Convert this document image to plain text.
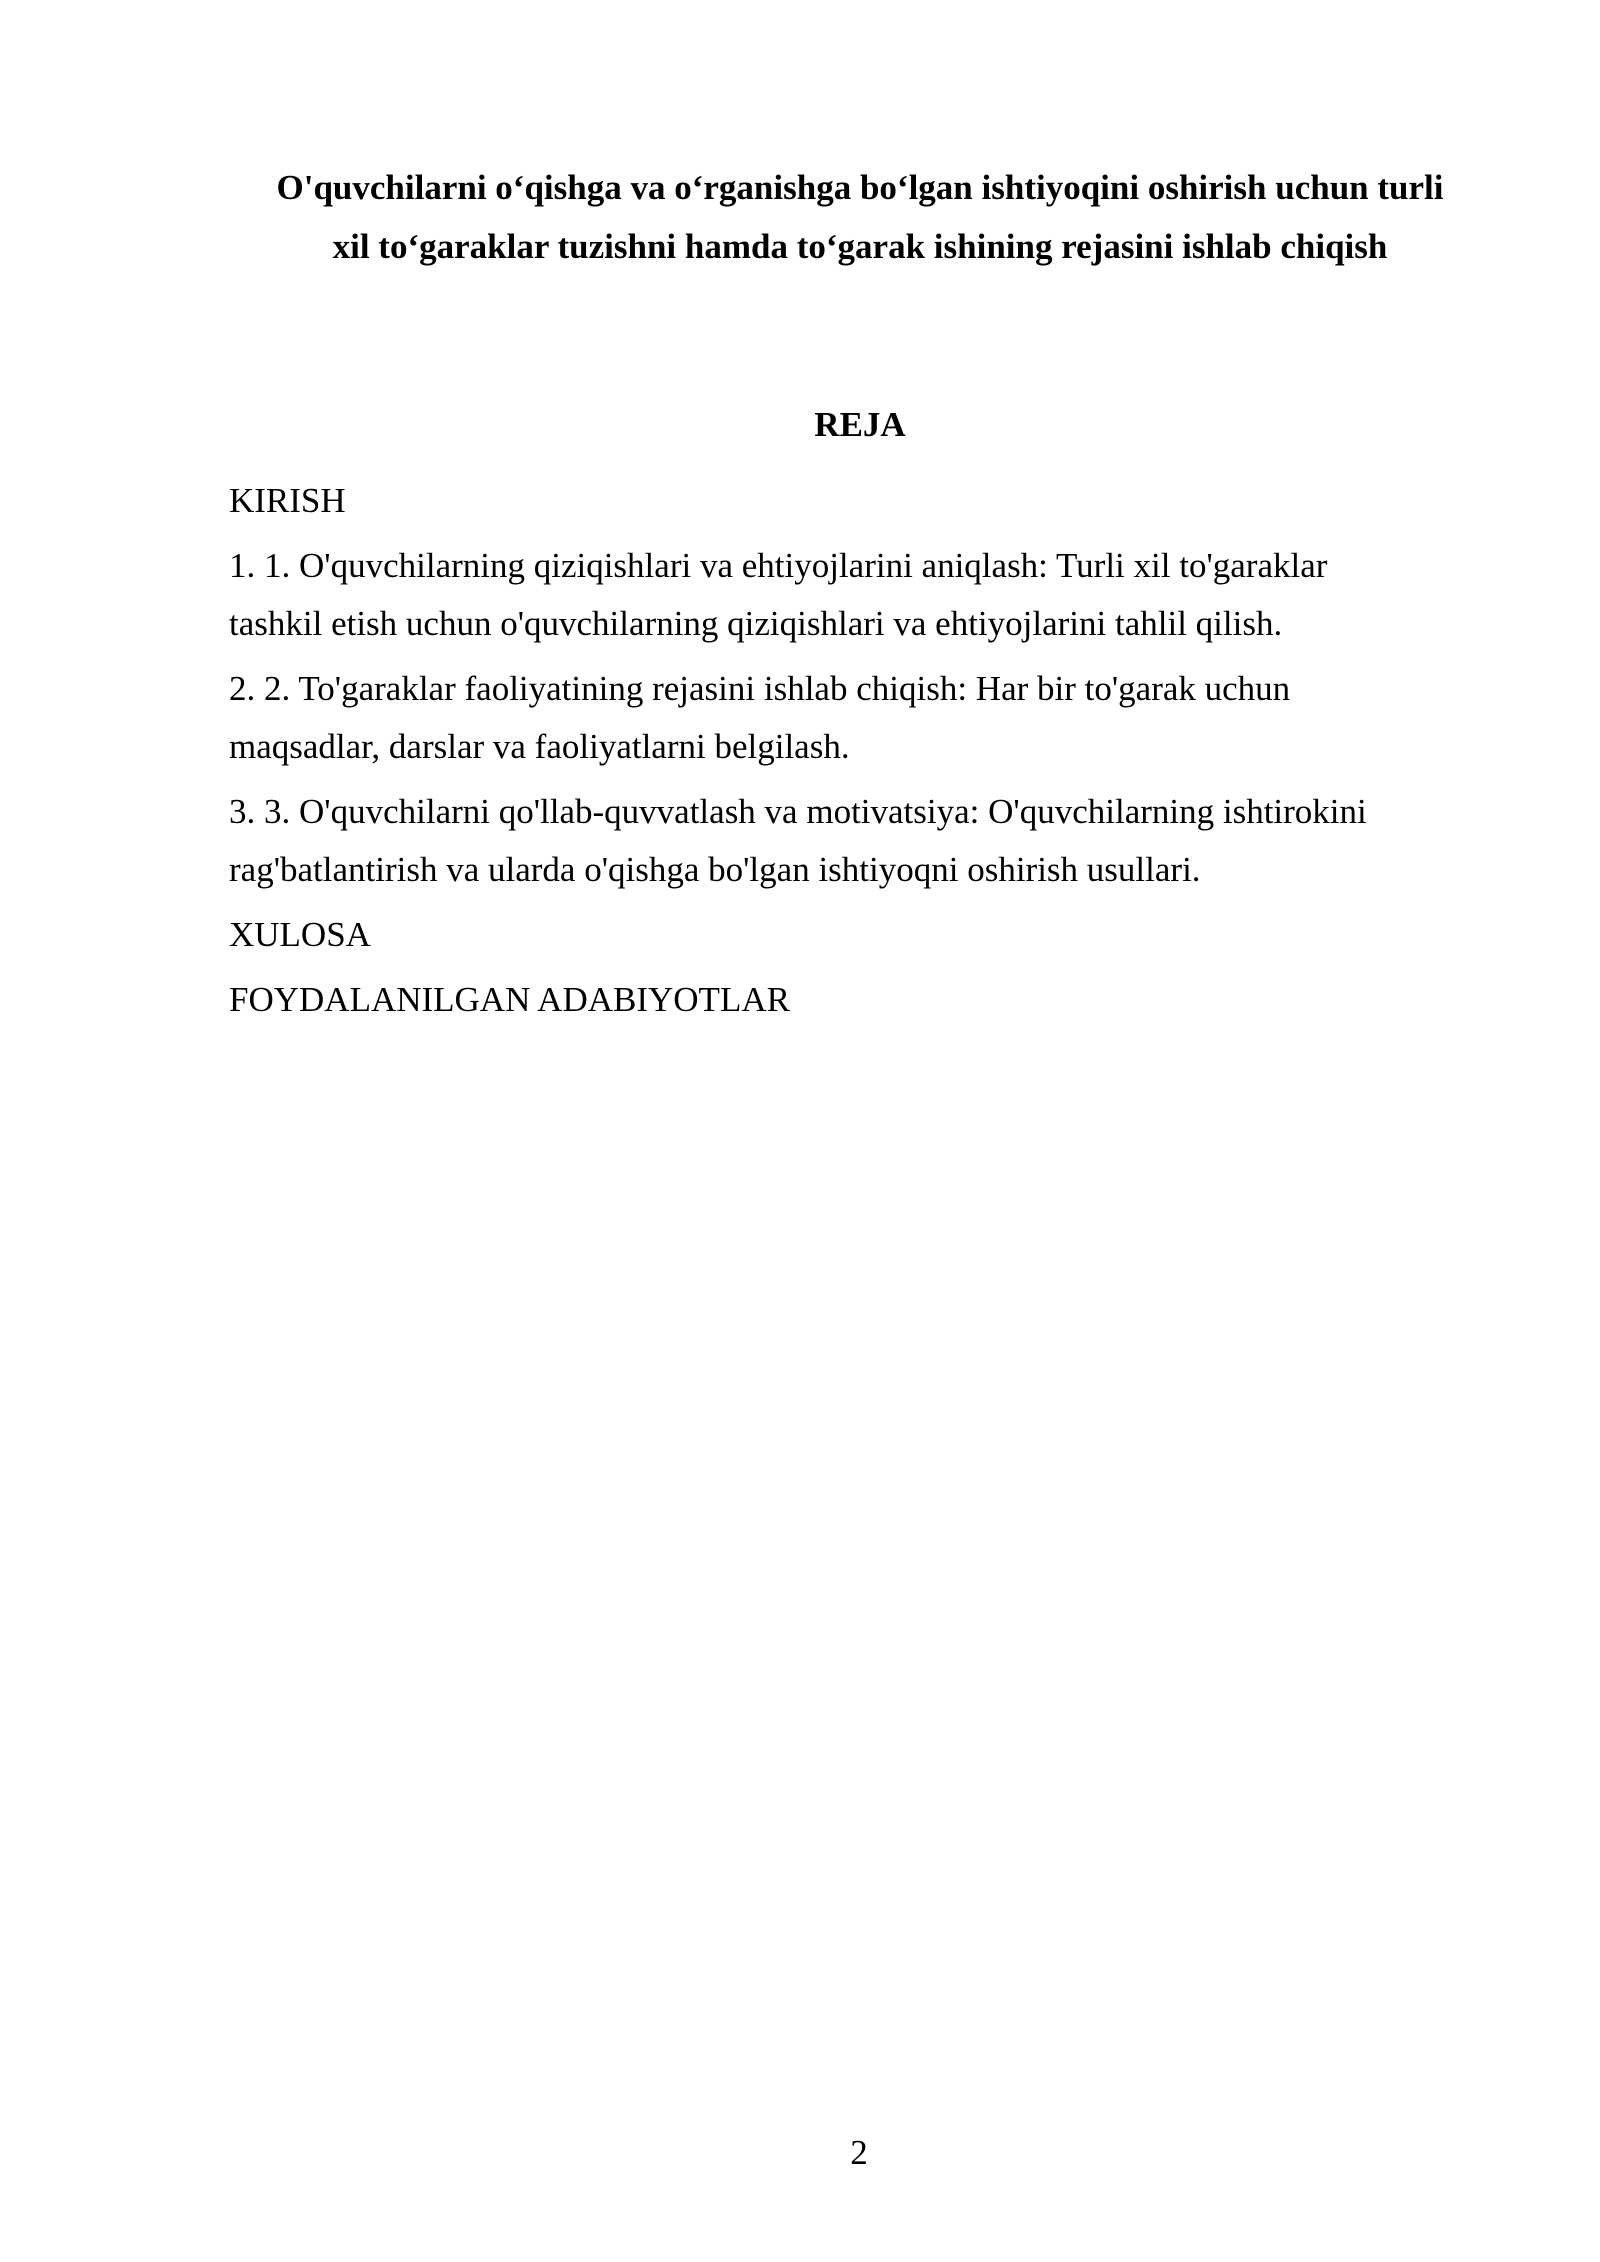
O'quvchilarni o‘qishga va o‘rganishga bo‘lgan ishtiyoqini oshirish uchun turli
xil to‘garaklar tuzishni hamda to‘garak ishining rejasini ishlab chiqish
REJA

KIRISH

1. 1. O'quvchilarning qiziqishlari va ehtiyojlarini aniqlash: Turli xil to'garaklar
tashkil etish uchun o'quvchilarning qiziqishlari va ehtiyojlarini tahlil qilish.

2. 2. To'garaklar faoliyatining rejasini ishlab chiqish: Har bir to'garak uchun
maqsadlar, darslar va faoliyatlarni belgilash.

3. 3. O'quvchilarni qo'llab-quvvatlash va motivatsiya: O'quvchilarning ishtirokini
rag'batlantirish va ularda o'qishga bo'lgan ishtiyoqni oshirish usullari.

XULOSA

FOYDALANILGAN ADABIYOTLAR

2
